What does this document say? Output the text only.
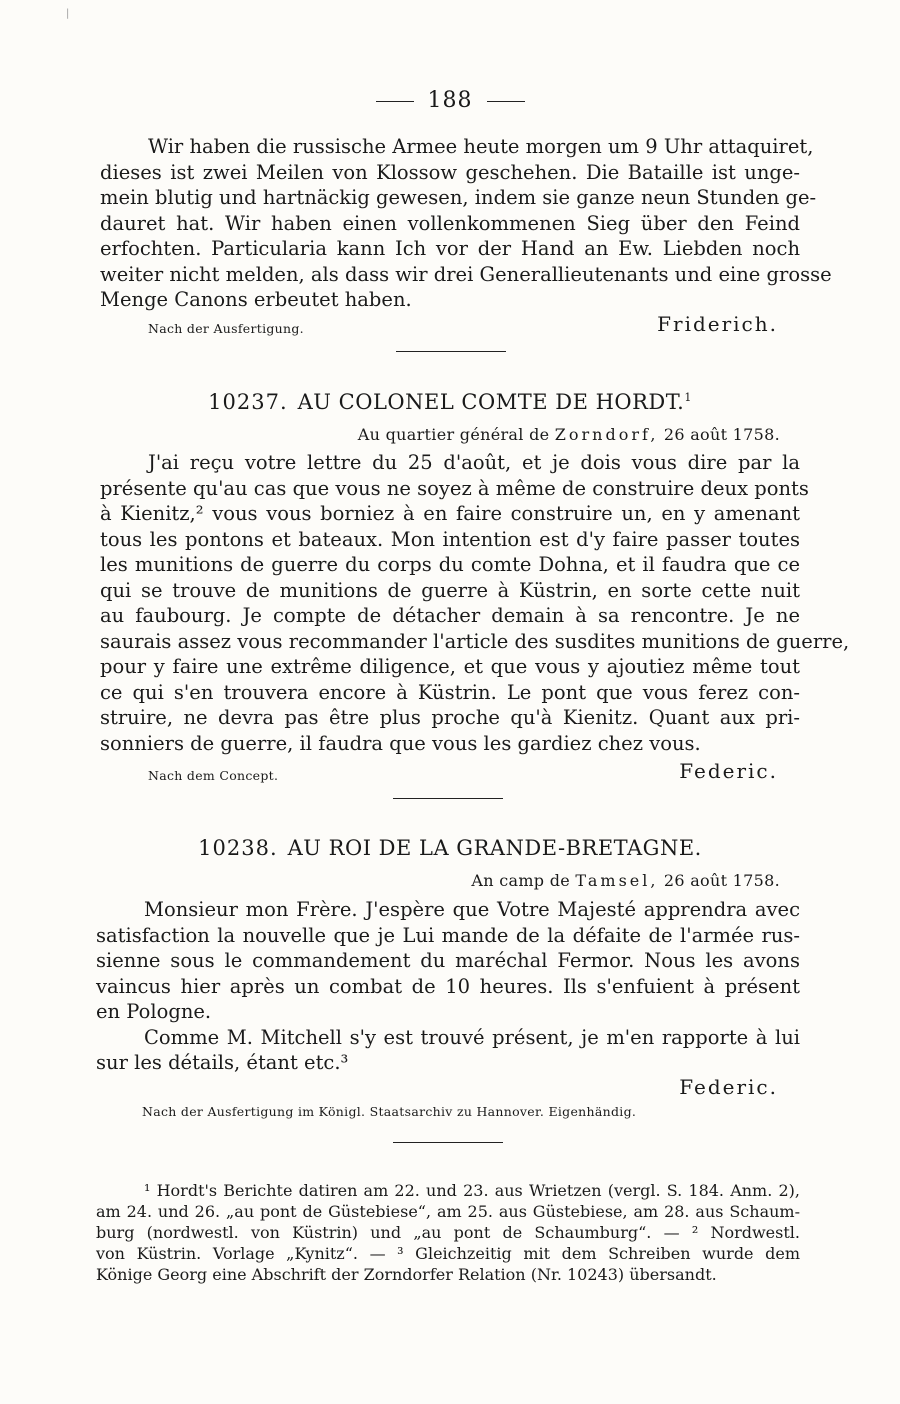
|
188
Wir haben die russische Armee heute morgen um 9 Uhr attaquiret,
dieses ist zwei Meilen von Klossow geschehen. Die Bataille ist unge-
mein blutig und hartnäckig gewesen, indem sie ganze neun Stunden ge-
dauret hat. Wir haben einen vollenkommenen Sieg über den Feind
erfochten. Particularia kann Ich vor der Hand an Ew. Liebden noch
weiter nicht melden, als dass wir drei Generallieutenants und eine grosse
Menge Canons erbeutet haben.
Nach der Ausfertigung.	Friderich.
10237. AU COLONEL COMTE DE HORDT.$^1$
Au quartier général de Zorndorf, 26 août 1758.
J'ai reçu votre lettre du 25 d'août, et je dois vous dire par la
présente qu'au cas que vous ne soyez à même de construire deux ponts
à Kienitz,² vous vous borniez à en faire construire un, en y amenant
tous les pontons et bateaux. Mon intention est d'y faire passer toutes
les munitions de guerre du corps du comte Dohna, et il faudra que ce
qui se trouve de munitions de guerre à Küstrin, en sorte cette nuit
au faubourg. Je compte de détacher demain à sa rencontre. Je ne
saurais assez vous recommander l'article des susdites munitions de guerre,
pour y faire une extrême diligence, et que vous y ajoutiez même tout
ce qui s'en trouvera encore à Küstrin. Le pont que vous ferez con-
struire, ne devra pas être plus proche qu'à Kienitz. Quant aux pri-
sonniers de guerre, il faudra que vous les gardiez chez vous.
Nach dem Concept.	Federic.
10238. AU ROI DE LA GRANDE-BRETAGNE.
An camp de Tamsel, 26 août 1758.
Monsieur mon Frère. J'espère que Votre Majesté apprendra avec
satisfaction la nouvelle que je Lui mande de la défaite de l'armée rus-
sienne sous le commandement du maréchal Fermor. Nous les avons
vaincus hier après un combat de 10 heures. Ils s'enfuient à présent
en Pologne.
Comme M. Mitchell s'y est trouvé présent, je m'en rapporte à lui
sur les détails, étant etc.³
Federic.
Nach der Ausfertigung im Königl. Staatsarchiv zu Hannover. Eigenhändig.
¹ Hordt's Berichte datiren am 22. und 23. aus Wrietzen (vergl. S. 184. Anm. 2),
am 24. und 26. „au pont de Güstebiese“, am 25. aus Güstebiese, am 28. aus Schaum-
burg (nordwestl. von Küstrin) und „au pont de Schaumburg“. — ² Nordwestl.
von Küstrin. Vorlage „Kynitz“. — ³ Gleichzeitig mit dem Schreiben wurde dem
Könige Georg eine Abschrift der Zorndorfer Relation (Nr. 10243) übersandt.
